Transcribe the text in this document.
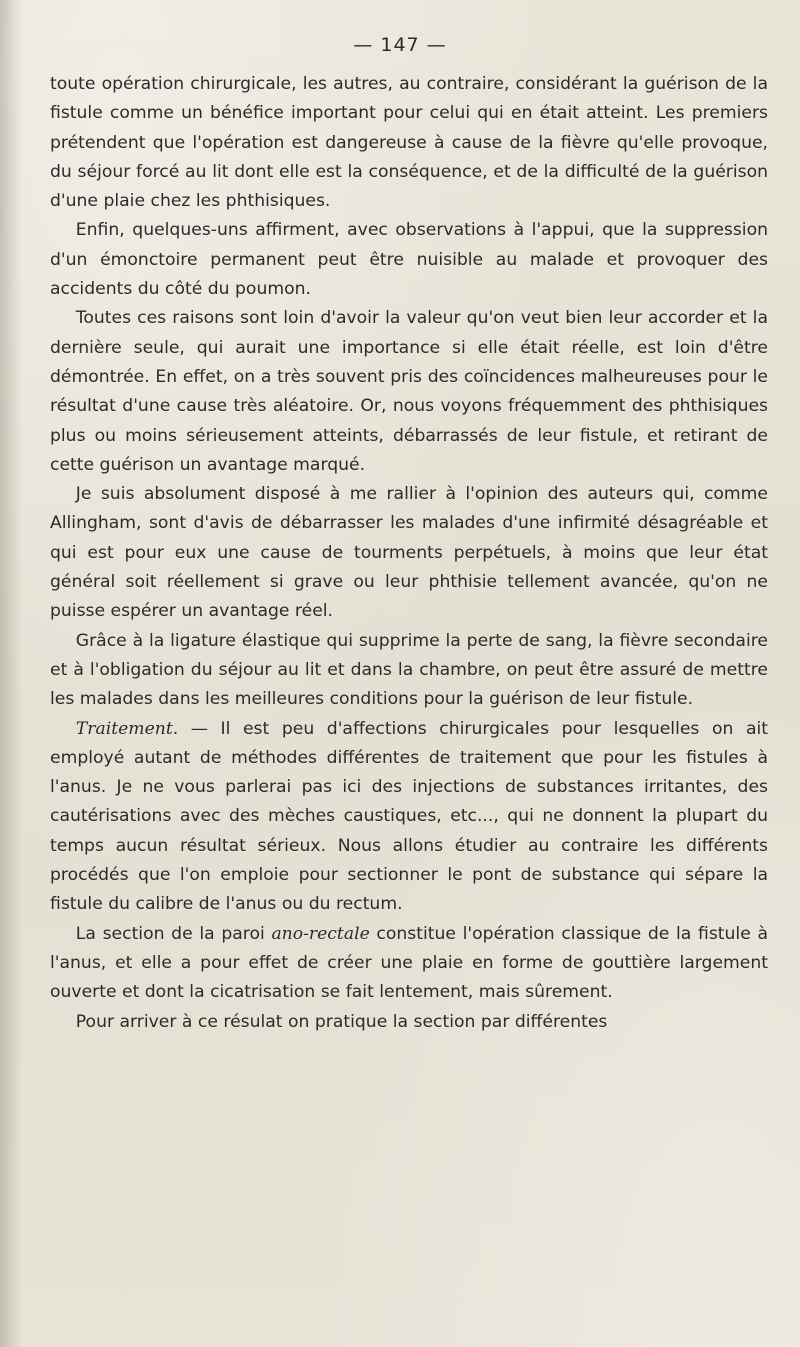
— 147 —

toute opération chirurgicale, les autres, au contraire, considérant la guérison de la fistule comme un bénéfice important pour celui qui en était atteint. Les premiers prétendent que l'opération est dangereuse à cause de la fièvre qu'elle provoque, du séjour forcé au lit dont elle est la conséquence, et de la difficulté de la guérison d'une plaie chez les phthisiques.

Enfin, quelques-uns affirment, avec observations à l'appui, que la suppression d'un émonctoire permanent peut être nuisible au malade et provoquer des accidents du côté du poumon.

Toutes ces raisons sont loin d'avoir la valeur qu'on veut bien leur accorder et la dernière seule, qui aurait une importance si elle était réelle, est loin d'être démontrée. En effet, on a très souvent pris des coïncidences malheureuses pour le résultat d'une cause très aléatoire. Or, nous voyons fréquemment des phthisiques plus ou moins sérieusement atteints, débarrassés de leur fistule, et retirant de cette guérison un avantage marqué.

Je suis absolument disposé à me rallier à l'opinion des auteurs qui, comme Allingham, sont d'avis de débarrasser les malades d'une infirmité désagréable et qui est pour eux une cause de tourments perpétuels, à moins que leur état général soit réellement si grave ou leur phthisie tellement avancée, qu'on ne puisse espérer un avantage réel.

Grâce à la ligature élastique qui supprime la perte de sang, la fièvre secondaire et à l'obligation du séjour au lit et dans la chambre, on peut être assuré de mettre les malades dans les meilleures conditions pour la guérison de leur fistule.

Traitement. — Il est peu d'affections chirurgicales pour lesquelles on ait employé autant de méthodes différentes de traitement que pour les fistules à l'anus. Je ne vous parlerai pas ici des injections de substances irritantes, des cautérisations avec des mèches caustiques, etc..., qui ne donnent la plupart du temps aucun résultat sérieux. Nous allons étudier au contraire les différents procédés que l'on emploie pour sectionner le pont de substance qui sépare la fistule du calibre de l'anus ou du rectum.

La section de la paroi ano-rectale constitue l'opération classique de la fistule à l'anus, et elle a pour effet de créer une plaie en forme de gouttière largement ouverte et dont la cicatrisation se fait lentement, mais sûrement.

Pour arriver à ce résulat on pratique la section par différentes
